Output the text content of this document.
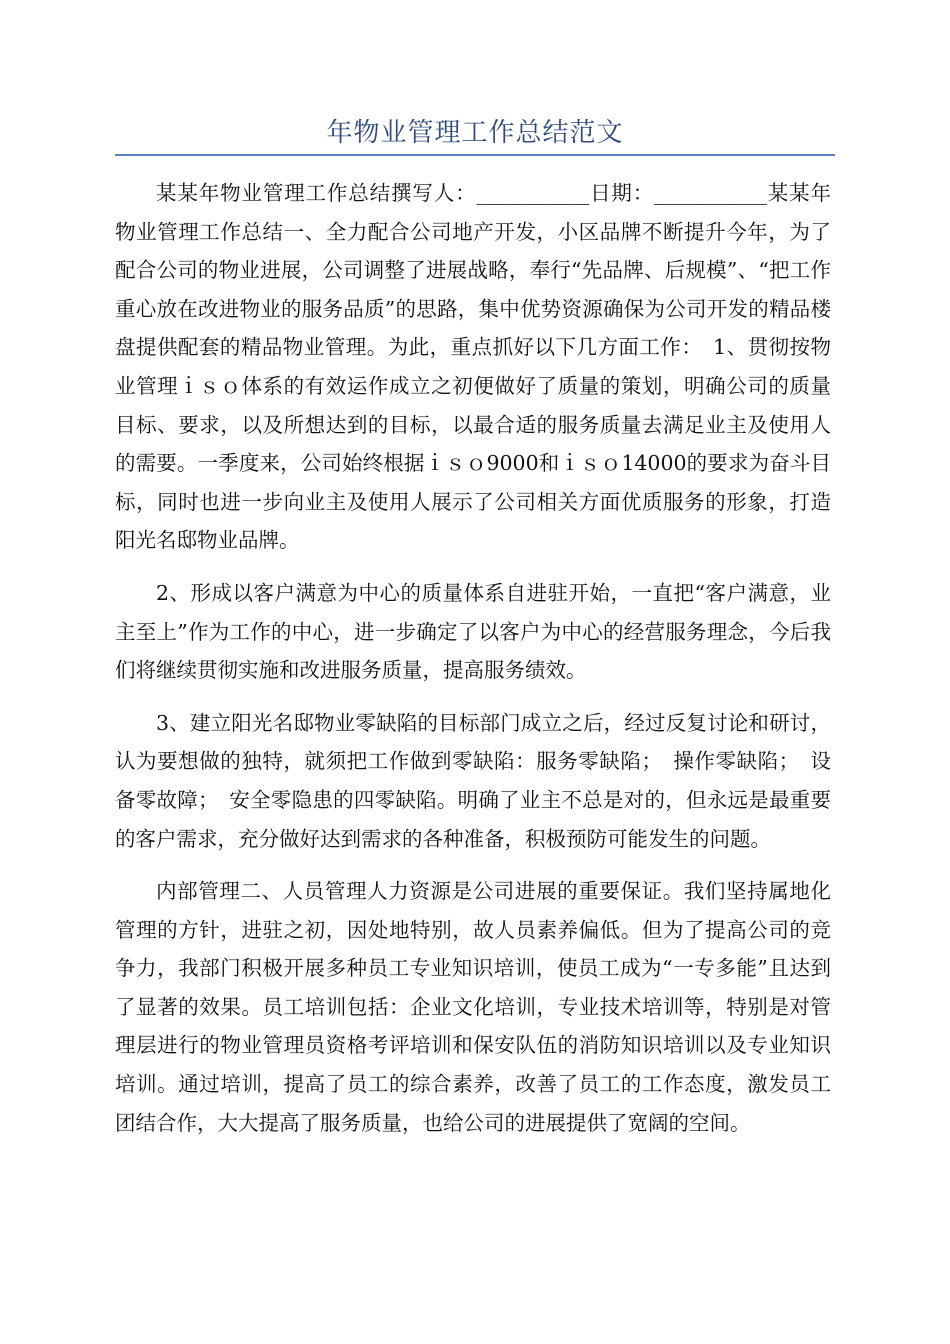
年物业管理工作总结范文

某某年物业管理工作总结撰写人：___________日期：___________某某年物业管理工作总结一、全力配合公司地产开发，小区品牌不断提升今年，为了配合公司的物业进展，公司调整了进展战略，奉行“先品牌、后规模”、“把工作重心放在改进物业的服务品质”的思路，集中优势资源确保为公司开发的精品楼盘提供配套的精品物业管理。为此，重点抓好以下几方面工作：　1、贯彻按物业管理ｉｓｏ体系的有效运作成立之初便做好了质量的策划，明确公司的质量目标、要求，以及所想达到的目标，以最合适的服务质量去满足业主及使用人的需要。一季度来，公司始终根据ｉｓｏ9000和ｉｓｏ14000的要求为奋斗目标，同时也进一步向业主及使用人展示了公司相关方面优质服务的形象，打造阳光名邸物业品牌。

2、形成以客户满意为中心的质量体系自进驻开始，一直把“客户满意，业主至上”作为工作的中心，进一步确定了以客户为中心的经营服务理念，今后我们将继续贯彻实施和改进服务质量，提高服务绩效。

3、建立阳光名邸物业零缺陷的目标部门成立之后，经过反复讨论和研讨，认为要想做的独特，就须把工作做到零缺陷：服务零缺陷；　操作零缺陷；　设备零故障；　安全零隐患的四零缺陷。明确了业主不总是对的，但永远是最重要的客户需求，充分做好达到需求的各种准备，积极预防可能发生的问题。

内部管理二、人员管理人力资源是公司进展的重要保证。我们坚持属地化管理的方针，进驻之初，因处地特别，故人员素养偏低。但为了提高公司的竞争力，我部门积极开展多种员工专业知识培训，使员工成为“一专多能”且达到了显著的效果。员工培训包括：企业文化培训，专业技术培训等，特别是对管理层进行的物业管理员资格考评培训和保安队伍的消防知识培训以及专业知识培训。通过培训，提高了员工的综合素养，改善了员工的工作态度，激发员工团结合作，大大提高了服务质量，也给公司的进展提供了宽阔的空间。
